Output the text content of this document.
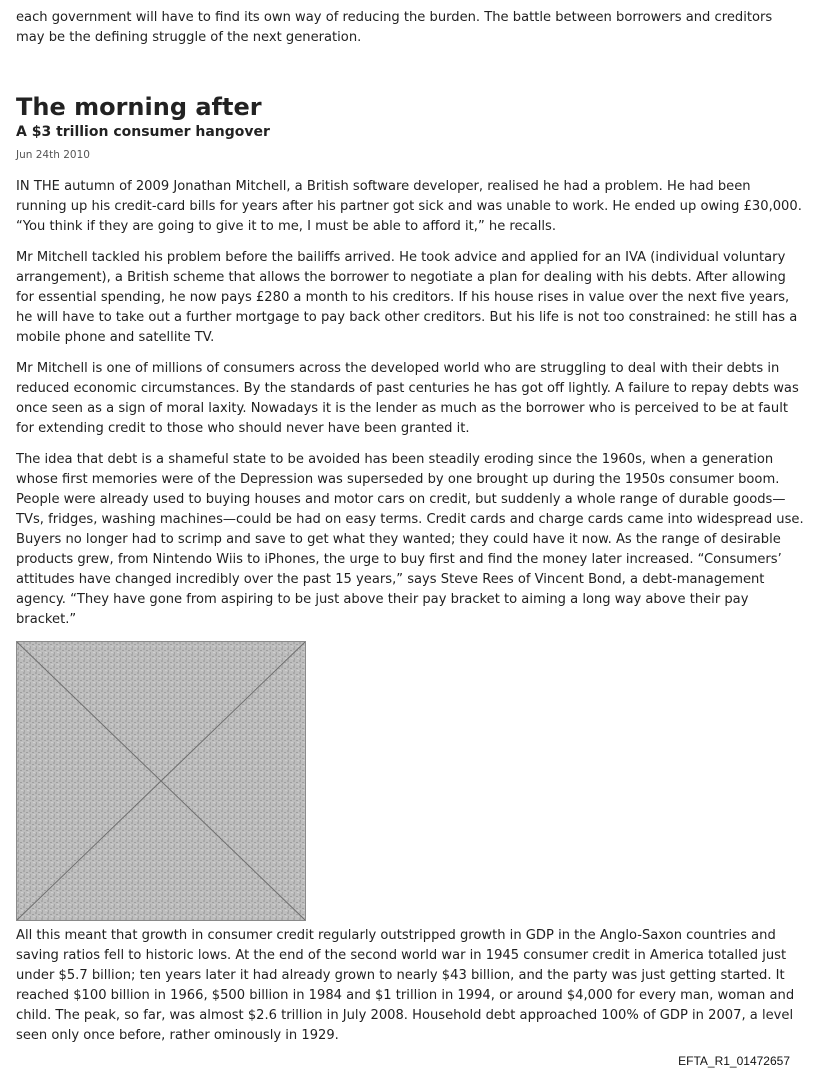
each government will have to find its own way of reducing the burden. The battle between borrowers and creditors may be the defining struggle of the next generation.

The morning after
A $3 trillion consumer hangover
Jun 24th 2010

IN THE autumn of 2009 Jonathan Mitchell, a British software developer, realised he had a problem. He had been running up his credit-card bills for years after his partner got sick and was unable to work. He ended up owing £30,000. “You think if they are going to give it to me, I must be able to afford it,” he recalls.

Mr Mitchell tackled his problem before the bailiffs arrived. He took advice and applied for an IVA (individual voluntary arrangement), a British scheme that allows the borrower to negotiate a plan for dealing with his debts. After allowing for essential spending, he now pays £280 a month to his creditors. If his house rises in value over the next five years, he will have to take out a further mortgage to pay back other creditors. But his life is not too constrained: he still has a mobile phone and satellite TV.

Mr Mitchell is one of millions of consumers across the developed world who are struggling to deal with their debts in reduced economic circumstances. By the standards of past centuries he has got off lightly. A failure to repay debts was once seen as a sign of moral laxity. Nowadays it is the lender as much as the borrower who is perceived to be at fault for extending credit to those who should never have been granted it.

The idea that debt is a shameful state to be avoided has been steadily eroding since the 1960s, when a generation whose first memories were of the Depression was superseded by one brought up during the 1950s consumer boom. People were already used to buying houses and motor cars on credit, but suddenly a whole range of durable goods—TVs, fridges, washing machines—could be had on easy terms. Credit cards and charge cards came into widespread use. Buyers no longer had to scrimp and save to get what they wanted; they could have it now. As the range of desirable products grew, from Nintendo Wiis to iPhones, the urge to buy first and find the money later increased. “Consumers’ attitudes have changed incredibly over the past 15 years,” says Steve Rees of Vincent Bond, a debt-management agency. “They have gone from aspiring to be just above their pay bracket to aiming a long way above their pay bracket.”

All this meant that growth in consumer credit regularly outstripped growth in GDP in the Anglo-Saxon countries and saving ratios fell to historic lows. At the end of the second world war in 1945 consumer credit in America totalled just under $5.7 billion; ten years later it had already grown to nearly $43 billion, and the party was just getting started. It reached $100 billion in 1966, $500 billion in 1984 and $1 trillion in 1994, or around $4,000 for every man, woman and child. The peak, so far, was almost $2.6 trillion in July 2008. Household debt approached 100% of GDP in 2007, a level seen only once before, rather ominously in 1929.

EFTA_R1_01472657
